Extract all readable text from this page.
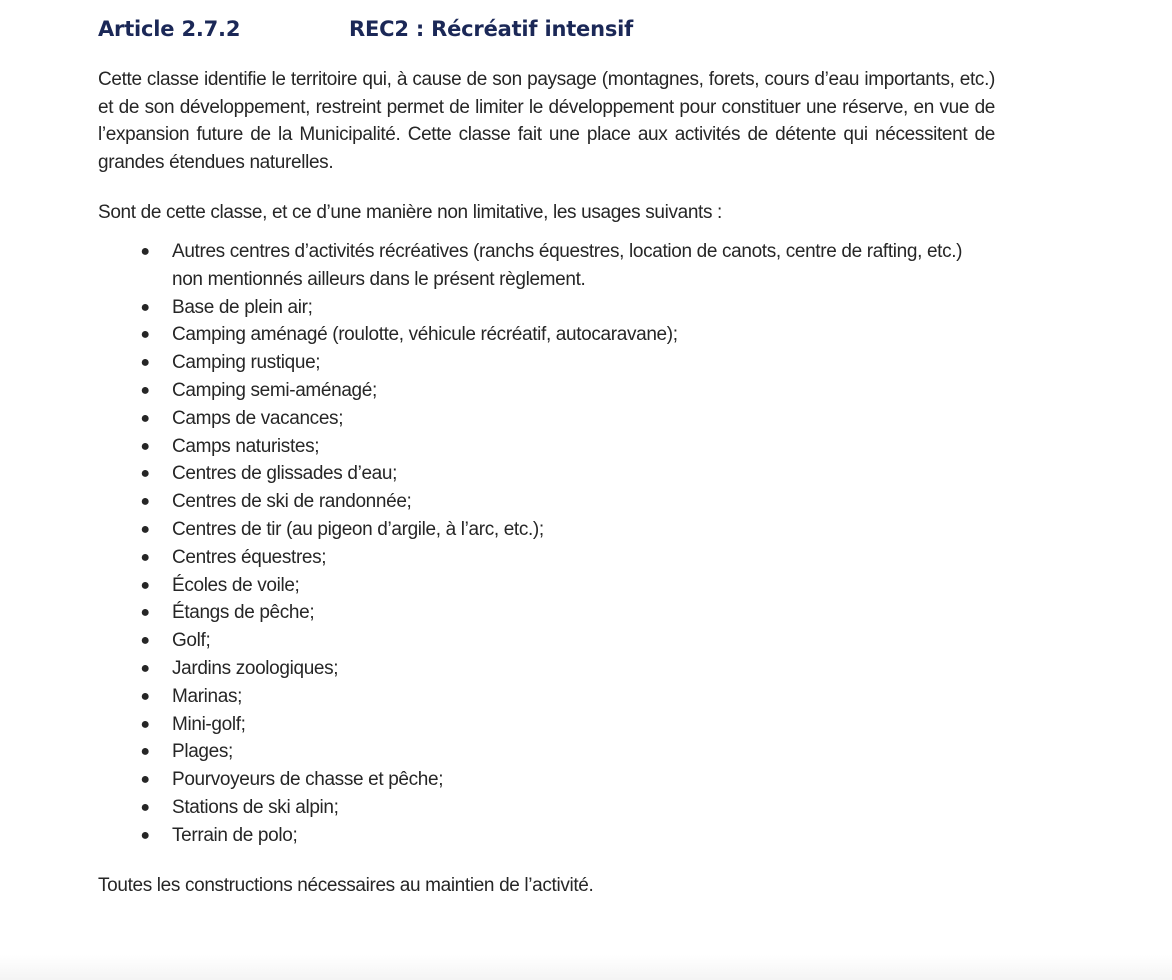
Article 2.7.2	REC2 : Récréatif intensif

Cette classe identifie le territoire qui, à cause de son paysage (montagnes, forets, cours d’eau importants, etc.) et de son développement, restreint permet de limiter le développement pour constituer une réserve, en vue de l’expansion future de la Municipalité. Cette classe fait une place aux activités de détente qui nécessitent de grandes étendues naturelles.

Sont de cette classe, et ce d’une manière non limitative, les usages suivants :
● Autres centres d’activités récréatives (ranchs équestres, location de canots, centre de rafting, etc.) non mentionnés ailleurs dans le présent règlement.
● Base de plein air;
● Camping aménagé (roulotte, véhicule récréatif, autocaravane);
● Camping rustique;
● Camping semi-aménagé;
● Camps de vacances;
● Camps naturistes;
● Centres de glissades d’eau;
● Centres de ski de randonnée;
● Centres de tir (au pigeon d’argile, à l’arc, etc.);
● Centres équestres;
● Écoles de voile;
● Étangs de pêche;
● Golf;
● Jardins zoologiques;
● Marinas;
● Mini-golf;
● Plages;
● Pourvoyeurs de chasse et pêche;
● Stations de ski alpin;
● Terrain de polo;
Toutes les constructions nécessaires au maintien de l’activité.
